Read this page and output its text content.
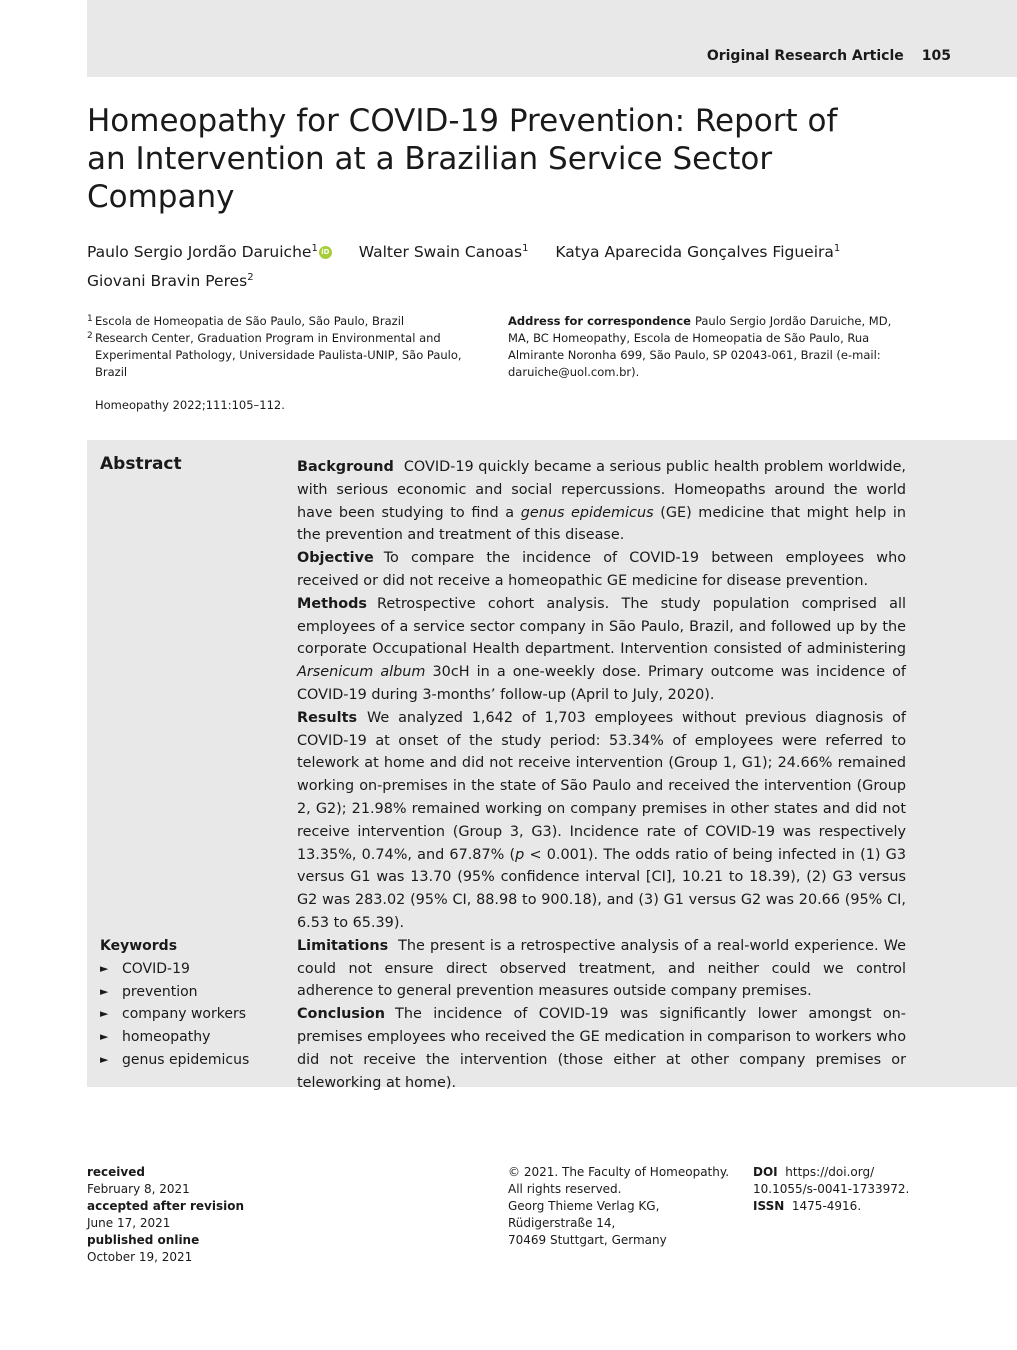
Original Research Article 105
Homeopathy for COVID-19 Prevention: Report of an Intervention at a Brazilian Service Sector Company
Paulo Sergio Jordão Daruiche$^1$ iD Walter Swain Canoas$^1$ Katya Aparecida Gonçalves Figueira$^1$
Giovani Bravin Peres$^2$
1 Escola de Homeopatia de São Paulo, São Paulo, Brazil
2 Research Center, Graduation Program in Environmental and Experimental Pathology, Universidade Paulista-UNIP, São Paulo, Brazil
Homeopathy 2022;111:105–112.
Address for correspondence Paulo Sergio Jordão Daruiche, MD, MA, BC Homeopathy, Escola de Homeopatia de São Paulo, Rua Almirante Noronha 699, São Paulo, SP 02043-061, Brazil (e-mail: daruiche@uol.com.br).
Abstract
Keywords
► COVID-19
► prevention
► company workers
► homeopathy
► genus epidemicus

Background COVID-19 quickly became a serious public health problem worldwide, with serious economic and social repercussions. Homeopaths around the world have been studying to find a genus epidemicus (GE) medicine that might help in the prevention and treatment of this disease.

Objective To compare the incidence of COVID-19 between employees who received or did not receive a homeopathic GE medicine for disease prevention.

Methods Retrospective cohort analysis. The study population comprised all employees of a service sector company in São Paulo, Brazil, and followed up by the corporate Occupational Health department. Intervention consisted of administering Arsenicum album 30cH in a one-weekly dose. Primary outcome was incidence of COVID-19 during 3-months’ follow-up (April to July, 2020).

Results We analyzed 1,642 of 1,703 employees without previous diagnosis of COVID-19 at onset of the study period: 53.34% of employees were referred to telework at home and did not receive intervention (Group 1, G1); 24.66% remained working on-premises in the state of São Paulo and received the intervention (Group 2, G2); 21.98% remained working on company premises in other states and did not receive intervention (Group 3, G3). Incidence rate of COVID-19 was respectively 13.35%, 0.74%, and 67.87% (p < 0.001). The odds ratio of being infected in (1) G3 versus G1 was 13.70 (95% confidence interval [CI], 10.21 to 18.39), (2) G3 versus G2 was 283.02 (95% CI, 88.98 to 900.18), and (3) G1 versus G2 was 20.66 (95% CI, 6.53 to 65.39).

Limitations The present is a retrospective analysis of a real-world experience. We could not ensure direct observed treatment, and neither could we control adherence to general prevention measures outside company premises.

Conclusion The incidence of COVID-19 was significantly lower amongst on-premises employees who received the GE medication in comparison to workers who did not receive the intervention (those either at other company premises or teleworking at home).

received
February 8, 2021
accepted after revision
June 17, 2021
published online
October 19, 2021
© 2021. The Faculty of Homeopathy.
All rights reserved.
Georg Thieme Verlag KG,
Rüdigerstraße 14,
70469 Stuttgart, Germany
DOI https://doi.org/
10.1055/s-0041-1733972.
ISSN 1475-4916.
